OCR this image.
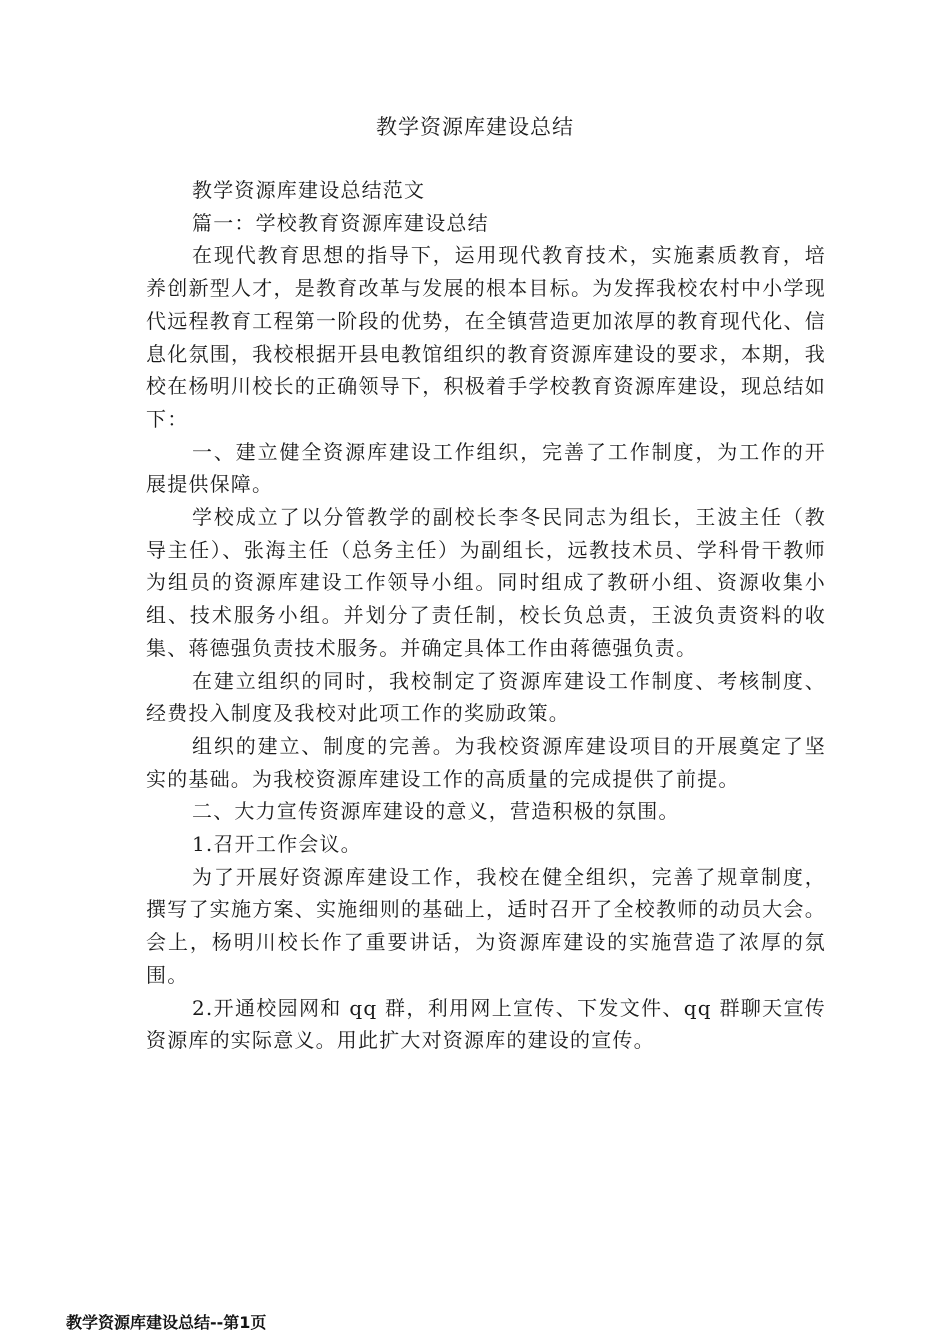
教学资源库建设总结

教学资源库建设总结范文

篇一：学校教育资源库建设总结

在现代教育思想的指导下，运用现代教育技术，实施素质教育，培养创新型人才，是教育改革与发展的根本目标。为发挥我校农村中小学现代远程教育工程第一阶段的优势，在全镇营造更加浓厚的教育现代化、信息化氛围，我校根据开县电教馆组织的教育资源库建设的要求，本期，我校在杨明川校长的正确领导下，积极着手学校教育资源库建设，现总结如下：

一、建立健全资源库建设工作组织，完善了工作制度，为工作的开展提供保障。

学校成立了以分管教学的副校长李冬民同志为组长，王波主任（教导主任）、张海主任（总务主任）为副组长，远教技术员、学科骨干教师为组员的资源库建设工作领导小组。同时组成了教研小组、资源收集小组、技术服务小组。并划分了责任制，校长负总责，王波负责资料的收集、蒋德强负责技术服务。并确定具体工作由蒋德强负责。

在建立组织的同时，我校制定了资源库建设工作制度、考核制度、经费投入制度及我校对此项工作的奖励政策。

组织的建立、制度的完善。为我校资源库建设项目的开展奠定了坚实的基础。为我校资源库建设工作的高质量的完成提供了前提。

二、大力宣传资源库建设的意义，营造积极的氛围。

1.召开工作会议。

为了开展好资源库建设工作，我校在健全组织，完善了规章制度，撰写了实施方案、实施细则的基础上，适时召开了全校教师的动员大会。会上，杨明川校长作了重要讲话，为资源库建设的实施营造了浓厚的氛围。

2.开通校园网和 qq 群，利用网上宣传、下发文件、qq 群聊天宣传资源库的实际意义。用此扩大对资源库的建设的宣传。

教学资源库建设总结--第1页
